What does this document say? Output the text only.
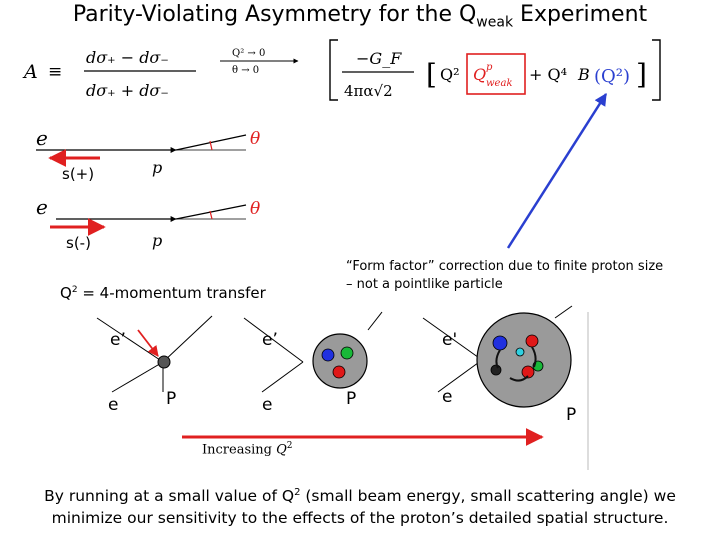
Parity-Violating Asymmetry for the $Q_{weak}$ Experiment
A ≡
dσ₊ − dσ₋
dσ₊ + dσ₋
Q² → 0
θ → 0
−G_F
4πα√2 [ Q² Q p
weak + Q⁴ B (Q²) ]
e	θ
s(+)	p
e	θ
s(-)	p
e’
e	P
e’
e	P
e'
e
P
Increasing $Q^2$
$Q^2$ = 4-momentum transfer
“Form factor” correction due to finite proton size – not a pointlike particle
By running at a small value of $Q^2$ (small beam energy, small scattering angle) we
minimize our sensitivity to the effects of the proton’s detailed spatial structure.
